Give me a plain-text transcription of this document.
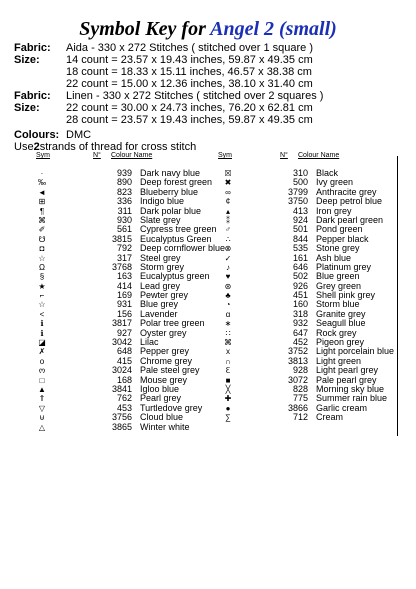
Symbol Key for Angel 2 (small)
Fabric:	Aida - 330 x 272 Stitches ( stitched over 1 square )
Size:	14 count = 23.57 x 19.43 inches, 59.87 x 49.35 cm
18 count = 18.33 x 15.11 inches, 46.57 x 38.38 cm
22 count = 15.00 x 12.36 inches, 38.10 x 31.40 cm
Fabric:	Linen - 330 x 272 Stitches ( stitched over 2 squares )
Size:	22 count = 30.00 x 24.73 inches, 76.20 x 62.81 cm
28 count = 23.57 x 19.43 inches, 59.87 x 49.35 cm
Colours: DMC
Use 2 strands of thread for cross stitch
Sym	N° Colour Name	Sym	N° Colour Name
·	939 Dark navy blue
‰	890 Deep forest green
◄	823 Blueberry blue
⊞	336 Indigo blue
¶	311 Dark polar blue
⌘	930 Slate grey
✐	561 Cypress tree green
☋	3815 Eucalyptus Green
◘	792 Deep cornflower blue
☆	317 Steel grey
Ω	3768 Storm grey
§	163 Eucalyptus green
★	414 Lead grey
⌐	169 Pewter grey
☆	931 Blue grey
<	156 Lavender
ℹ	3817 Polar tree green
ℹ	927 Oyster grey
◪	3042 Lilac
✗	648 Pepper grey
o	415 Chrome grey
ო	3024 Pale steel grey
□	168 Mouse grey
▲	3841 Igloo blue
⇑	762 Pearl grey
▽	453 Turtledove grey
⊍	3756 Cloud blue
△	3865 Winter white
☒	310 Black
✖	500 Ivy green
∞	3799 Anthracite grey
¢	3750 Deep petrol blue
▴	413 Iron grey
⁑	924 Dark pearl green
♂	501 Pond green
∴	844 Pepper black
⊗	535 Stone grey
✓	161 Ash blue
♪	646 Platinum grey
♥	502 Blue green
⊛	926 Grey green
♣	451 Shell pink grey
◔	160 Storm blue
ɑ	318 Granite grey
∗	932 Seagull blue
∷	647 Rock grey
⌘	452 Pigeon grey
x	3752 Light porcelain blue
∩	3813 Light green
ℇ	928 Light pearl grey
■	3072 Pale pearl grey
╳	828 Morning sky blue
✚	775 Summer rain blue
●	3866 Garlic cream
∑	712 Cream
